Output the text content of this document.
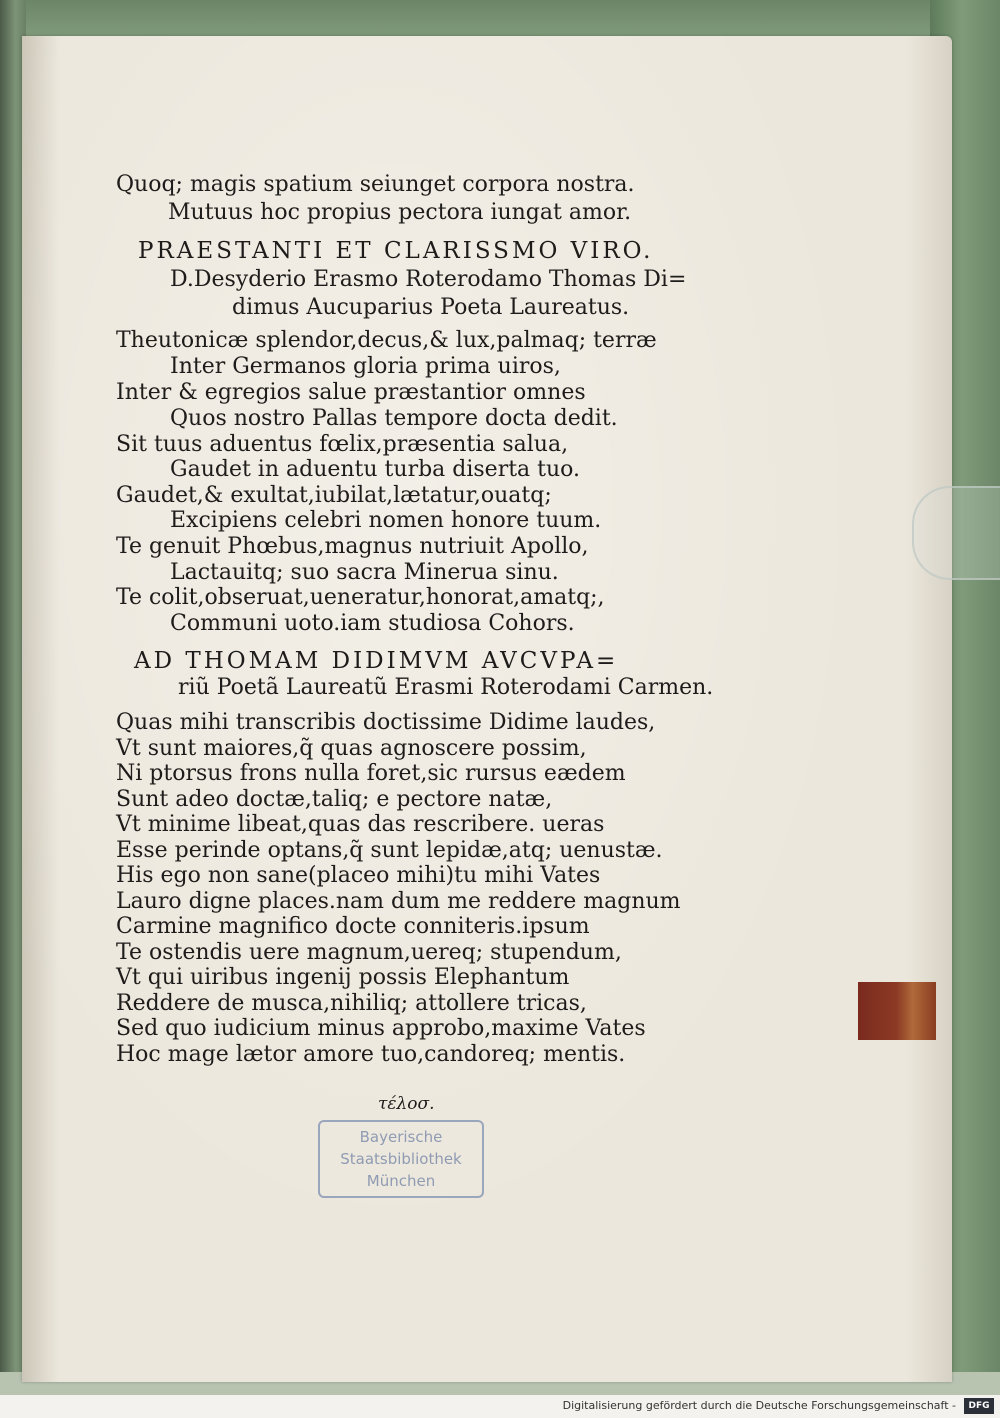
Quoq; magis spatium seiunget corpora nostra.
Mutuus hoc propius pectora iungat amor.
PRAESTANTI ET CLARISSMO VIRO.
D.Desyderio Erasmo Roterodamo Thomas Di=
dimus Aucuparius Poeta Laureatus.
Theutonicæ splendor,decus,& lux,palmaq; terræ
Inter Germanos gloria prima uiros,
Inter & egregios salue præstantior omnes
Quos nostro Pallas tempore docta dedit.
Sit tuus aduentus fœlix,præsentia salua,
Gaudet in aduentu turba diserta tuo.
Gaudet,& exultat,iubilat,lætatur,ouatq;
Excipiens celebri nomen honore tuum.
Te genuit Phœbus,magnus nutriuit Apollo,
Lactauitq; suo sacra Minerua sinu.
Te colit,obseruat,ueneratur,honorat,amatq;,
Communi uoto.iam studiosa Cohors.
AD THOMAM DIDIMVM AVCVPA=
riũ Poetã Laureatũ Erasmi Roterodami Carmen.
Quas mihi transcribis doctissime Didime laudes,
Vt sunt maiores,q̃ quas agnoscere possim,
Ni ptorsus frons nulla foret,sic rursus eædem
Sunt adeo doctæ,taliq; e pectore natæ,
Vt minime libeat,quas das rescribere. ueras
Esse perinde optans,q̃ sunt lepidæ,atq; uenustæ.
His ego non sane(placeo mihi)tu mihi Vates
Lauro digne places.nam dum me reddere magnum
Carmine magnifico docte conniteris.ipsum
Te ostendis uere magnum,uereq; stupendum,
Vt qui uiribus ingenij possis Elephantum
Reddere de musca,nihiliq; attollere tricas,
Sed quo iudicium minus approbo,maxime Vates
Hoc mage lætor amore tuo,candoreq; mentis.
τέλοσ.
Bayerische
Staatsbibliothek
München
Digitalisierung gefördert durch die Deutsche Forschungsgemeinschaft -	DFG
